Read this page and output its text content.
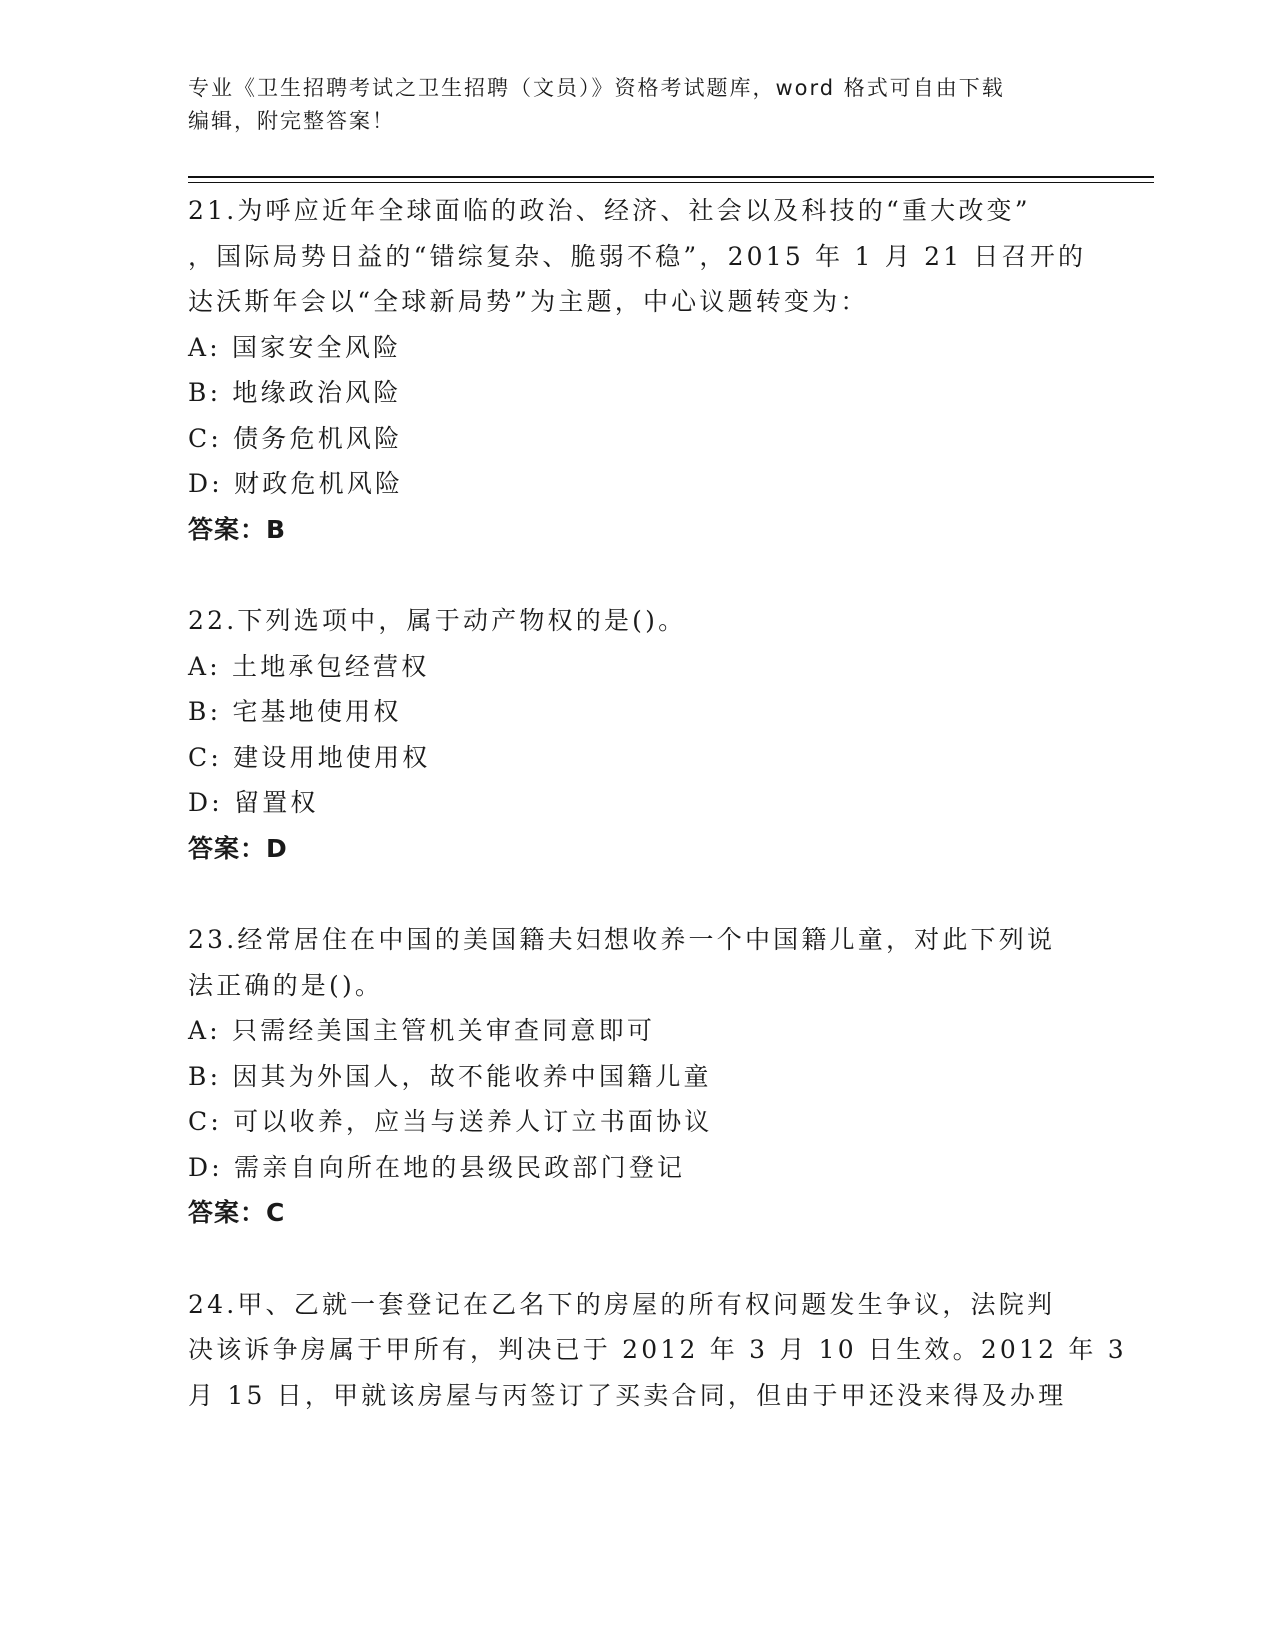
专业《卫生招聘考试之卫生招聘（文员）》资格考试题库，word 格式可自由下载
编辑，附完整答案！
21.为呼应近年全球面临的政治、经济、社会以及科技的“重大改变”
，国际局势日益的“错综复杂、脆弱不稳”，2015 年 1 月 21 日召开的
达沃斯年会以“全球新局势”为主题，中心议题转变为：
A: 国家安全风险
B: 地缘政治风险
C: 债务危机风险
D: 财政危机风险
答案：B
22.下列选项中，属于动产物权的是()。
A: 土地承包经营权
B: 宅基地使用权
C: 建设用地使用权
D: 留置权
答案：D
23.经常居住在中国的美国籍夫妇想收养一个中国籍儿童，对此下列说
法正确的是()。
A: 只需经美国主管机关审查同意即可
B: 因其为外国人，故不能收养中国籍儿童
C: 可以收养，应当与送养人订立书面协议
D: 需亲自向所在地的县级民政部门登记
答案：C
24.甲、乙就一套登记在乙名下的房屋的所有权问题发生争议，法院判
决该诉争房属于甲所有，判决已于 2012 年 3 月 10 日生效。2012 年 3
月 15 日，甲就该房屋与丙签订了买卖合同，但由于甲还没来得及办理
